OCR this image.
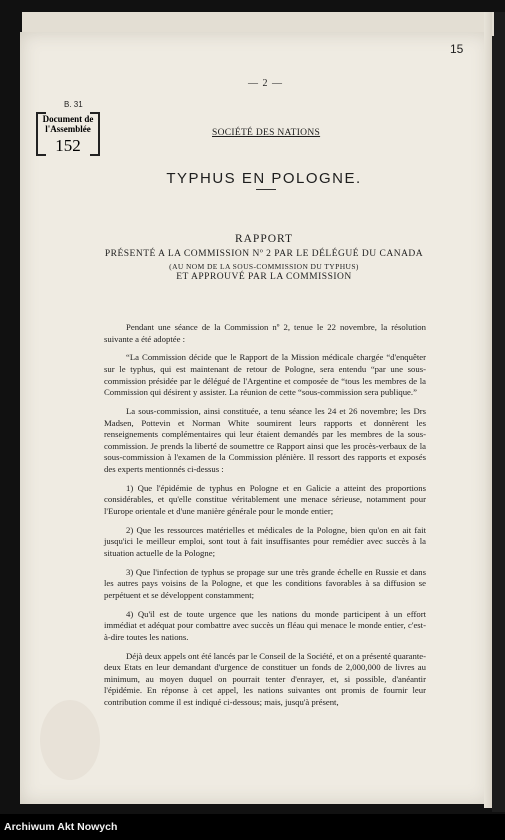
15
— 2 —
B. 31
Document de
l'Assemblée
152
SOCIÉTÉ DES NATIONS
TYPHUS EN POLOGNE.
RAPPORT
PRÉSENTÉ A LA COMMISSION Nº 2 PAR LE DÉLÉGUÉ DU CANADA
(AU NOM DE LA SOUS-COMMISSION DU TYPHUS)
ET APPROUVÉ PAR LA COMMISSION

Pendant une séance de la Commission nº 2, tenue le 22 novembre, la résolution suivante a été adoptée :

“La Commission décide que le Rapport de la Mission médicale chargée “d'enquêter sur le typhus, qui est maintenant de retour de Pologne, sera entendu “par une sous-commission présidée par le délégué de l'Argentine et composée de “tous les membres de la Commission qui désirent y assister. La réunion de cette “sous-commission sera publique.”

La sous-commission, ainsi constituée, a tenu séance les 24 et 26 novembre; les Drs Madsen, Pottevin et Norman White soumirent leurs rapports et donnèrent les renseignements complémentaires qui leur étaient demandés par les membres de la sous-commission. Je prends la liberté de soumettre ce Rapport ainsi que les procès-verbaux de la sous-commission à l'examen de la Commission plénière. Il ressort des rapports et exposés des experts mentionnés ci-dessus :

1) Que l'épidémie de typhus en Pologne et en Galicie a atteint des proportions considérables, et qu'elle constitue véritablement une menace sérieuse, notamment pour l'Europe orientale et d'une manière générale pour le monde entier;

2) Que les ressources matérielles et médicales de la Pologne, bien qu'on en ait fait jusqu'ici le meilleur emploi, sont tout à fait insuffisantes pour remédier avec succès à la situation actuelle de la Pologne;

3) Que l'infection de typhus se propage sur une très grande échelle en Russie et dans les autres pays voisins de la Pologne, et que les conditions favorables à sa diffusion se perpétuent et se développent constamment;

4) Qu'il est de toute urgence que les nations du monde participent à un effort immédiat et adéquat pour combattre avec succès un fléau qui menace le monde entier, c'est-à-dire toutes les nations.

Déjà deux appels ont été lancés par le Conseil de la Société, et on a présenté quarante-deux Etats en leur demandant d'urgence de constituer un fonds de 2,000,000 de livres au minimum, au moyen duquel on pourrait tenter d'enrayer, et, si possible, d'anéantir l'épidémie. En réponse à cet appel, les nations suivantes ont promis de fournir leur contribution comme il est indiqué ci-dessous; mais, jusqu'à présent,

Archiwum Akt Nowych
